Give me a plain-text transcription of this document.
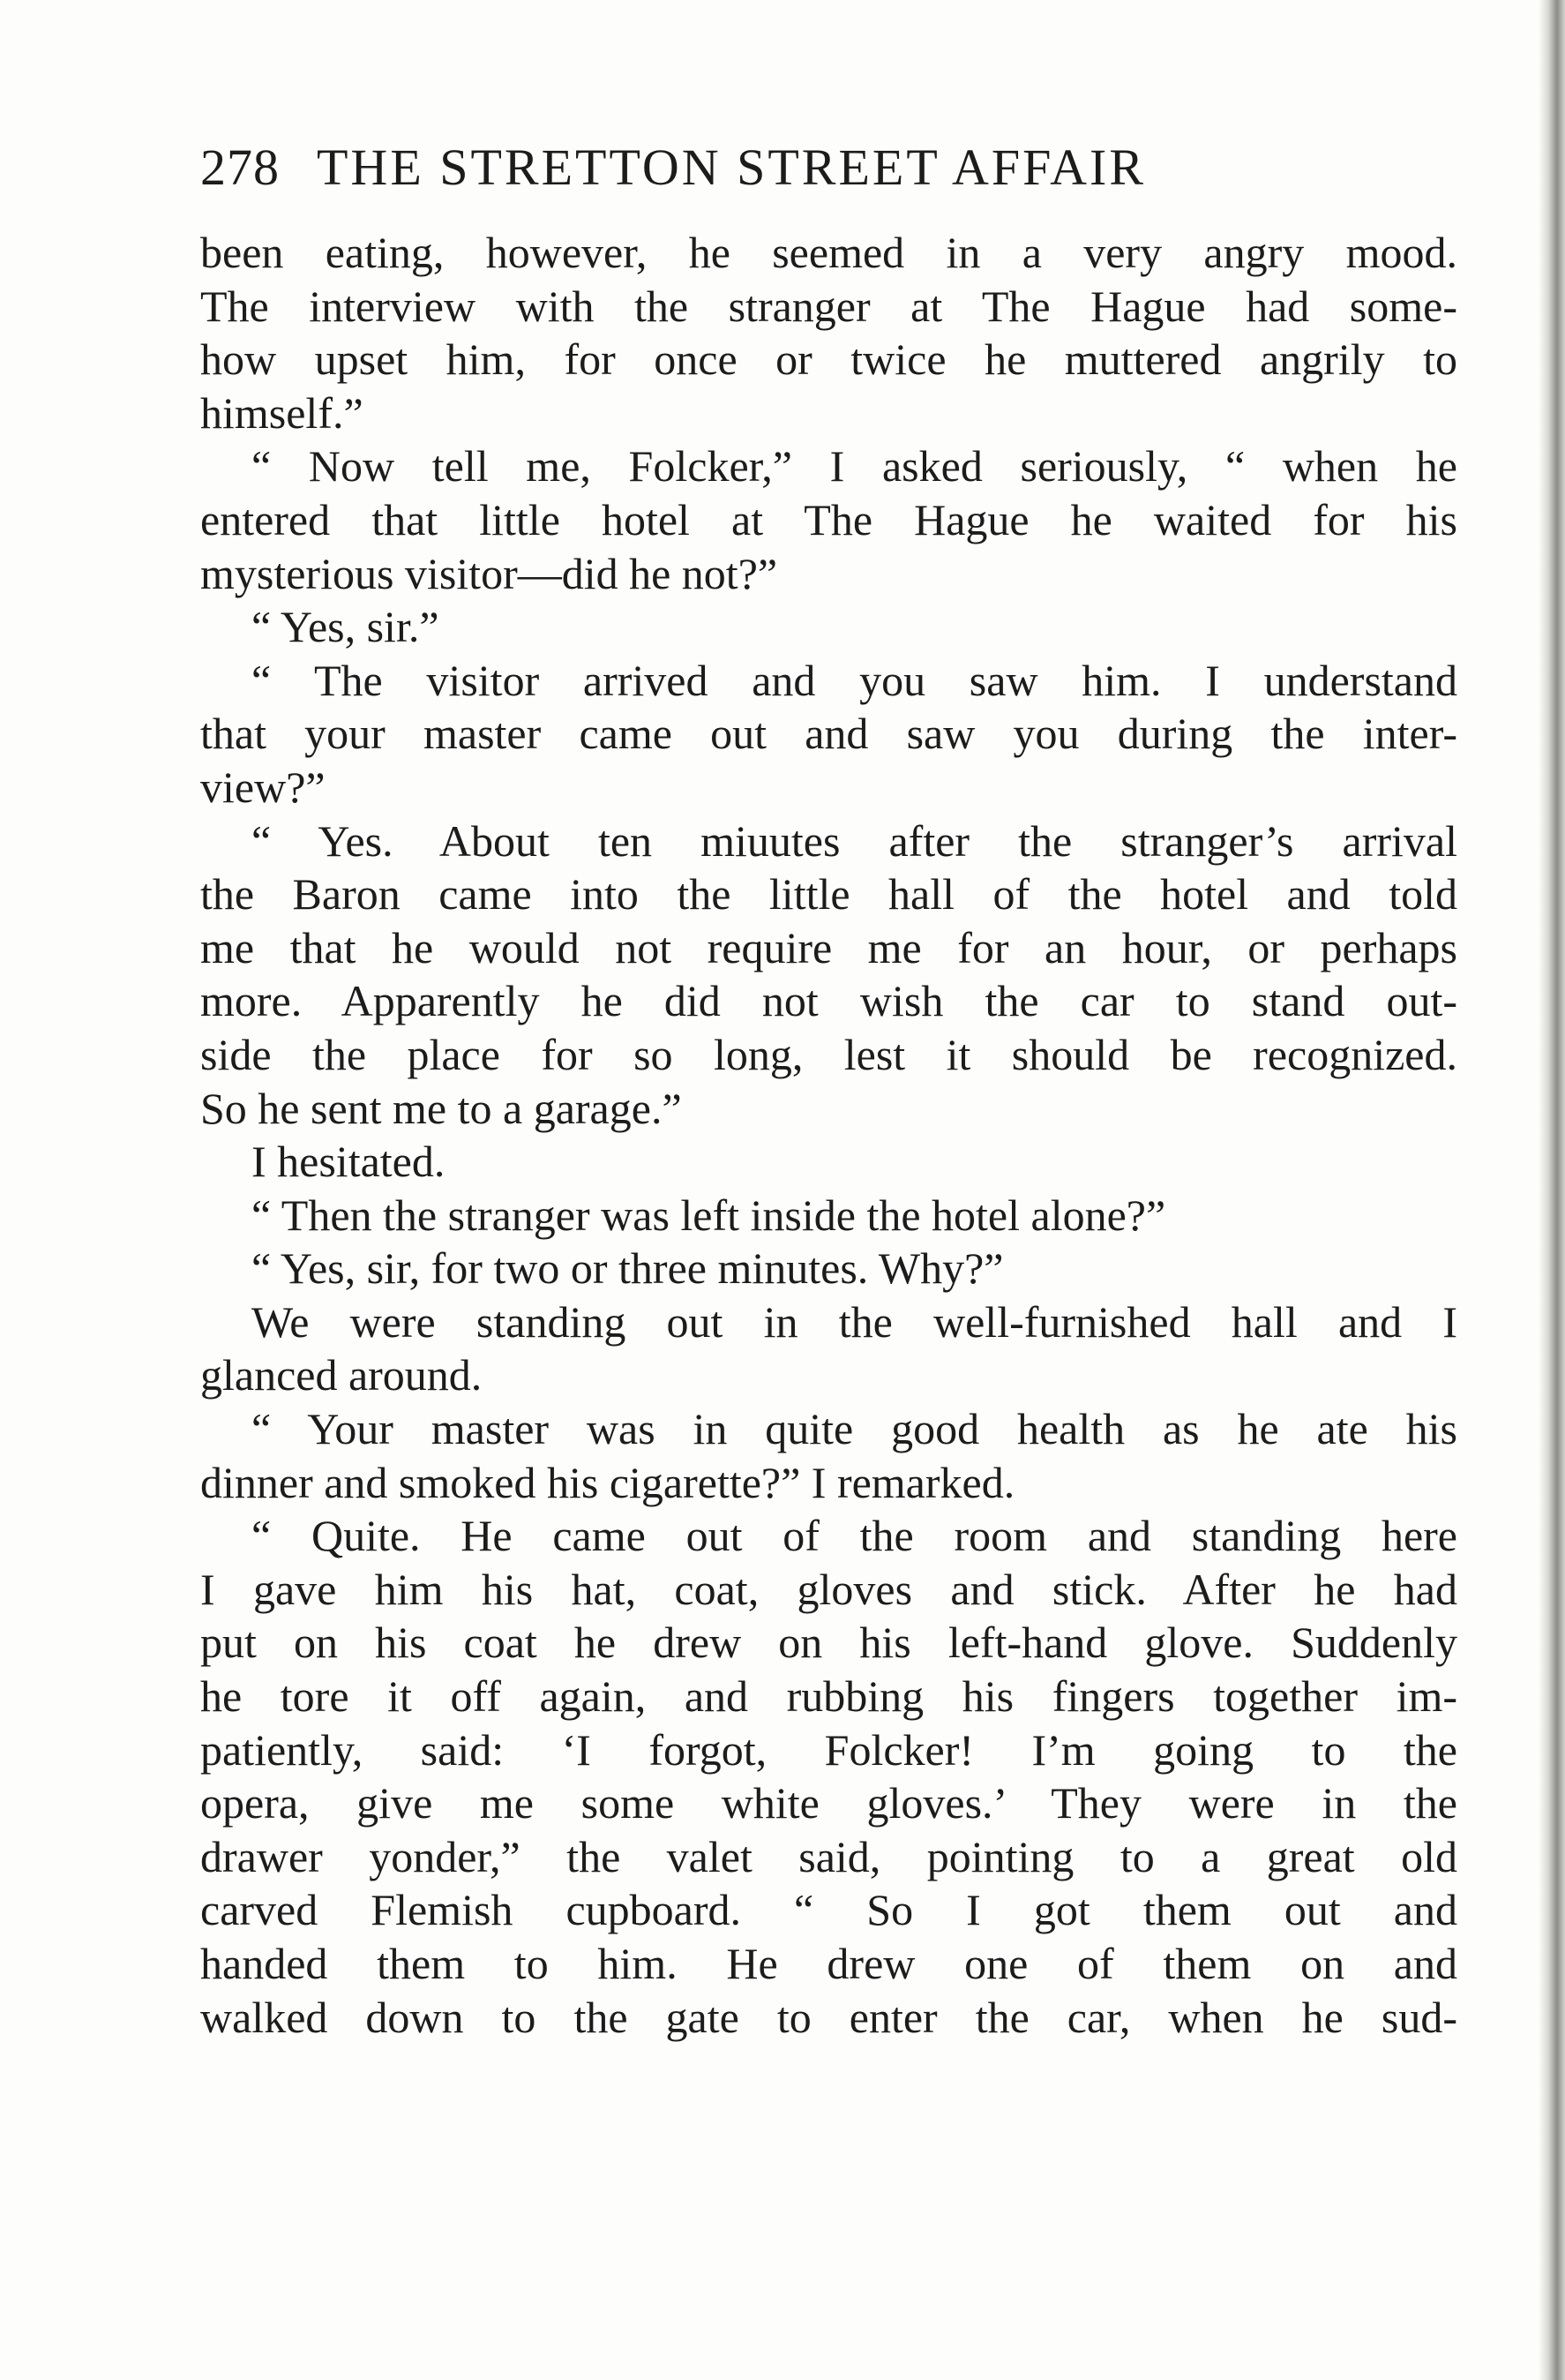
278 THE STRETTON STREET AFFAIR
been eating, however, he seemed in a very angry mood.
The interview with the stranger at The Hague had some-
how upset him, for once or twice he muttered angrily to
himself.”
“ Now tell me, Folcker,” I asked seriously, “ when he
entered that little hotel at The Hague he waited for his
mysterious visitor—did he not?”
“ Yes, sir.”
“ The visitor arrived and you saw him. I understand
that your master came out and saw you during the inter-
view?”
“ Yes. About ten miuutes after the stranger’s arrival
the Baron came into the little hall of the hotel and told
me that he would not require me for an hour, or perhaps
more. Apparently he did not wish the car to stand out-
side the place for so long, lest it should be recognized.
So he sent me to a garage.”
I hesitated.
“ Then the stranger was left inside the hotel alone?”
“ Yes, sir, for two or three minutes. Why?”
We were standing out in the well-furnished hall and I
glanced around.
“ Your master was in quite good health as he ate his
dinner and smoked his cigarette?” I remarked.
“ Quite. He came out of the room and standing here
I gave him his hat, coat, gloves and stick. After he had
put on his coat he drew on his left-hand glove. Suddenly
he tore it off again, and rubbing his fingers together im-
patiently, said: ‘I forgot, Folcker! I’m going to the
opera, give me some white gloves.’ They were in the
drawer yonder,” the valet said, pointing to a great old
carved Flemish cupboard. “ So I got them out and
handed them to him. He drew one of them on and
walked down to the gate to enter the car, when he sud-
